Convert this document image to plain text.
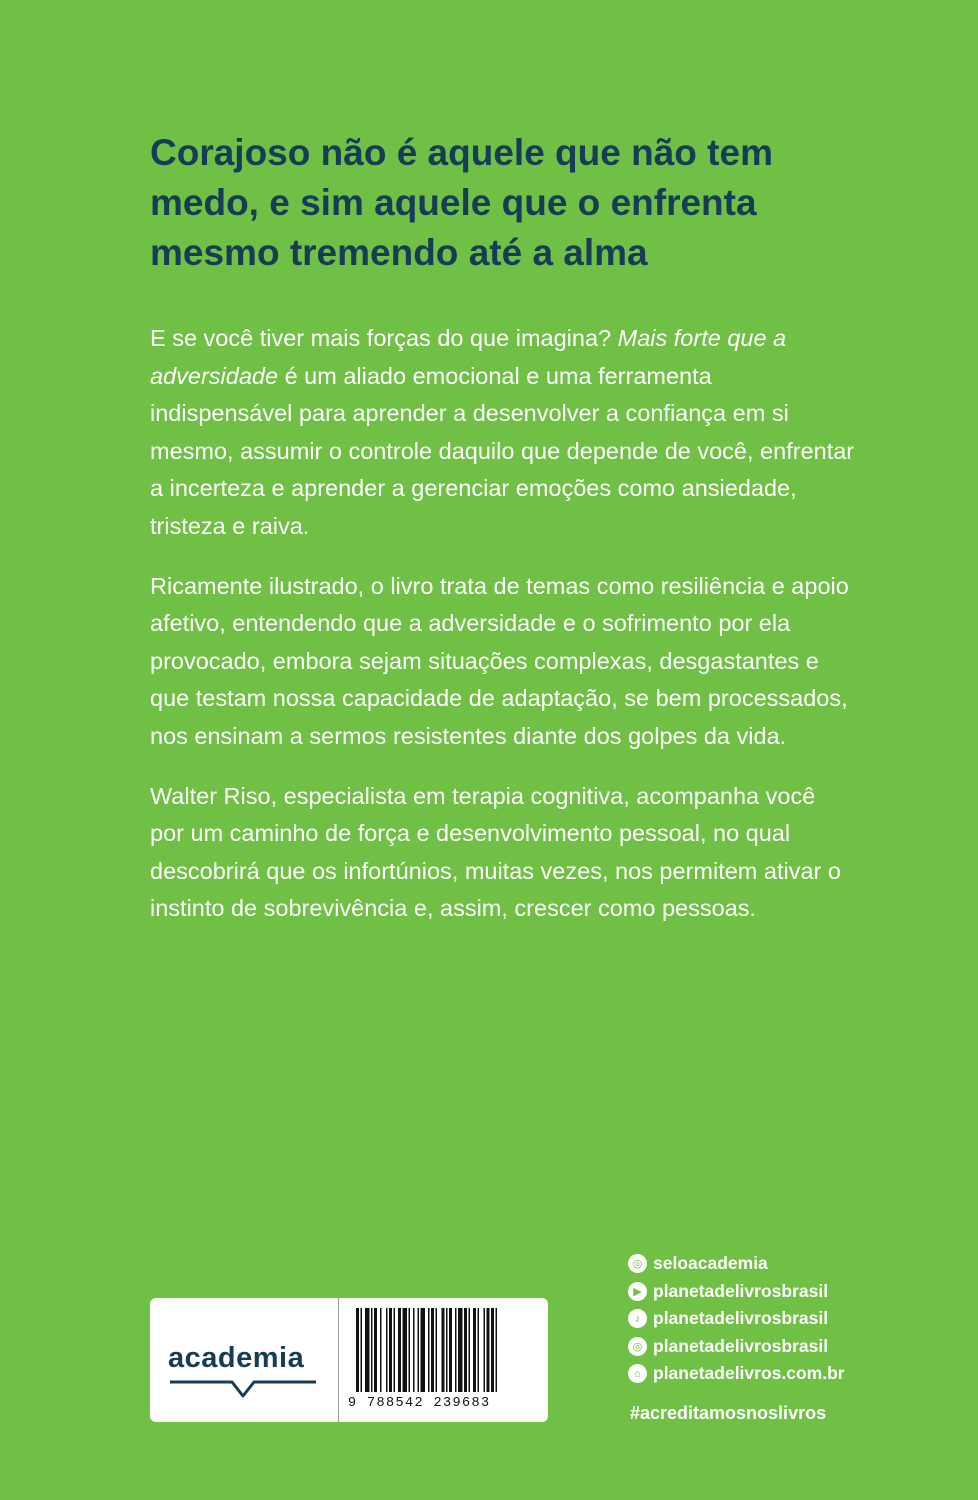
Corajoso não é aquele que não tem medo, e sim aquele que o enfrenta mesmo tremendo até a alma

E se você tiver mais forças do que imagina? Mais forte que a adversidade é um aliado emocional e uma ferramenta indispensável para aprender a desenvolver a confiança em si mesmo, assumir o controle daquilo que depende de você, enfrentar a incerteza e aprender a gerenciar emoções como ansiedade, tristeza e raiva.

Ricamente ilustrado, o livro trata de temas como resiliência e apoio afetivo, entendendo que a adversidade e o sofrimento por ela provocado, embora sejam situações complexas, desgastantes e que testam nossa capacidade de adaptação, se bem processados, nos ensinam a sermos resistentes diante dos golpes da vida.

Walter Riso, especialista em terapia cognitiva, acompanha você por um caminho de força e desenvolvimento pessoal, no qual descobrirá que os infortúnios, muitas vezes, nos permitem ativar o instinto de sobrevivência e, assim, crescer como pessoas.

◎ seloacademia
▶ planetadelivrosbrasil
♪ planetadelivrosbrasil
◎ planetadelivrosbrasil
⌂ planetadelivros.com.br
#acreditamosnoslivros
academia
9 788542 239683
